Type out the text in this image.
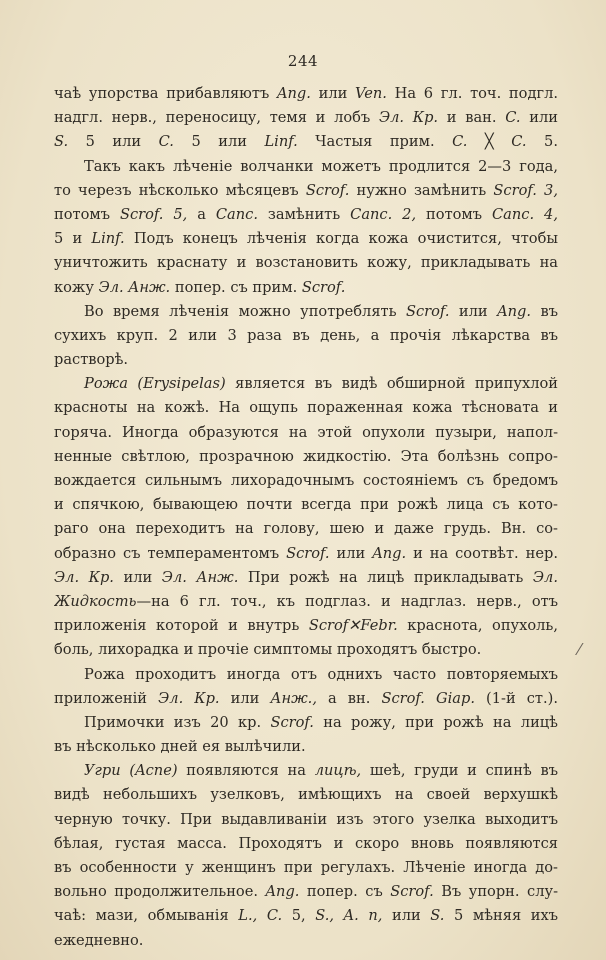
244
чаѣ упорства прибавляютъ Ang. или Ven. На 6 гл. точ. подгл.
надгл. нерв., переносицу, темя и лобъ Эл. Кр. и ван. C. или
S. 5 или C. 5 или Linf. Частыя прим. C. ╳ C. 5.
Такъ какъ лѣченіе волчанки можетъ продлится 2—3 года,
то черезъ нѣсколько мѣсяцевъ Scrof. нужно замѣнить Scrof. 3,
потомъ Scrof. 5, а Canc. замѣнить Canc. 2, потомъ Canc. 4,
5 и Linf. Подъ конецъ лѣченія когда кожа очистится, чтобы
уничтожить краснату и возстановить кожу, прикладывать на
кожу Эл. Анж. попер. съ прим. Scrof.
Во время лѣченія можно употреблять Scrof. или Ang. въ
сухихъ круп. 2 или 3 раза въ день, а прочія лѣкарства въ
растворѣ.
Рожа (Erysipelas) является въ видѣ обширной припухлой
красноты на кожѣ. На ощупь пораженная кожа тѣсновата и
горяча. Иногда образуются на этой опухоли пузыри, напол-
ненные свѣтлою, прозрачною жидкостію. Эта болѣзнь сопро-
вождается сильнымъ лихорадочнымъ состояніемъ съ бредомъ
и спячкою, бывающею почти всегда при рожѣ лица съ кото-
раго она переходитъ на голову, шею и даже грудь. Вн. со-
образно съ темпераментомъ Scrof. или Ang. и на соотвѣт. нер.
Эл. Кр. или Эл. Анж. При рожѣ на лицѣ прикладывать Эл.
Жидкость—на 6 гл. точ., къ подглаз. и надглаз. нерв., отъ
приложенія которой и внутрь Scrof✕Febr. краснота, опухоль,
боль, лихорадка и прочіе симптомы проходятъ быстро.
Рожа проходитъ иногда отъ однихъ часто повторяемыхъ
приложеній Эл. Кр. или Анж., а вн. Scrof. Giap. (1-й ст.).
Примочки изъ 20 кр. Scrof. на рожу, при рожѣ на лицѣ
въ нѣсколько дней ея вылѣчили.
Угри (Acne) появляются на лицѣ, шеѣ, груди и спинѣ въ
видѣ небольшихъ узелковъ, имѣющихъ на своей верхушкѣ
черную точку. При выдавливаніи изъ этого узелка выходитъ
бѣлая, густая масса. Проходятъ и скоро вновь появляются
въ особенности у женщинъ при регулахъ. Лѣченіе иногда до-
вольно продолжительное. Ang. попер. съ Scrof. Въ упорн. слу-
чаѣ: мази, обмыванія L., C. 5, S., A. n, или S. 5 мѣняя ихъ
ежедневно.
⁄
